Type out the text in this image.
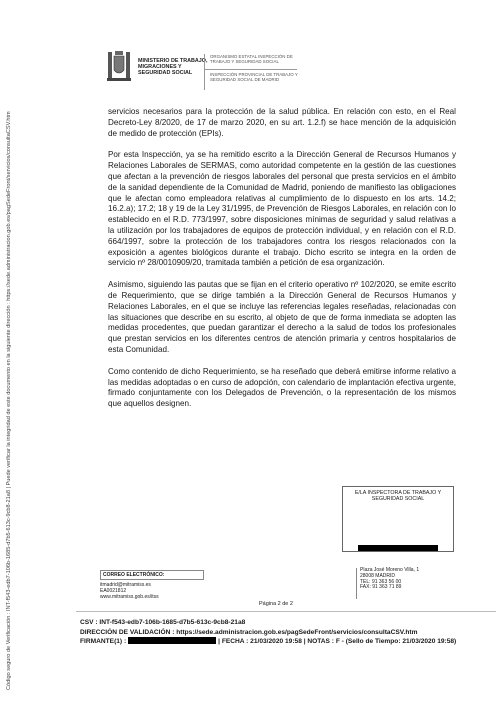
Código seguro de Verificación : INT-f543-edb7-106b-1685-d7b5-613c-9cb8-21a8 | Puede verificar la integridad de este documento en la siguiente dirección : https://sede.administracion.gob.es/pagSedeFront/servicios/consultaCSV.htm
MINISTERIO DE TRABAJO, MIGRACIONES Y SEGURIDAD SOCIAL
ORGANISMO ESTATAL INSPECCIÓN DE TRABAJO Y SEGURIDAD SOCIAL
INSPECCIÓN PROVINCIAL DE TRABAJO Y SEGURIDAD SOCIAL DE MADRID

servicios necesarios para la protección de la salud pública. En relación con esto, en el Real Decreto-Ley 8/2020, de 17 de marzo 2020, en su art. 1.2.f) se hace mención de la adquisición de medido de protección (EPIs).

Por esta Inspección, ya se ha remitido escrito a la Dirección General de Recursos Humanos y Relaciones Laborales de SERMAS, como autoridad competente en la gestión de las cuestiones que afectan a la prevención de riesgos laborales del personal que presta servicios en el ámbito de la sanidad dependiente de la Comunidad de Madrid, poniendo de manifiesto las obligaciones que le afectan como empleadora relativas al cumplimiento de lo dispuesto en los arts. 14.2; 16.2.a); 17.2; 18 y 19 de la Ley 31/1995, de Prevención de Riesgos Laborales, en relación con lo establecido en el R.D. 773/1997, sobre disposiciones mínimas de seguridad y salud relativas a la utilización por los trabajadores de equipos de protección individual, y en relación con el R.D. 664/1997, sobre la protección de los trabajadores contra los riesgos relacionados con la exposición a agentes biológicos durante el trabajo. Dicho escrito se integra en la orden de servicio nº 28/0010909/20, tramitada también a petición de esa organización.

Asimismo, siguiendo las pautas que se fijan en el criterio operativo nº 102/2020, se emite escrito de Requerimiento, que se dirige también a la Dirección General de Recursos Humanos y Relaciones Laborales, en el que se incluye las referencias legales reseñadas, relacionadas con las situaciones que describe en su escrito, al objeto de que de forma inmediata se adopten las medidas procedentes, que puedan garantizar el derecho a la salud de todos los profesionales que prestan servicios en los diferentes centros de atención primaria y centros hospitalarios de esta Comunidad.

Como contenido de dicho Requerimiento, se ha reseñado que deberá emitirse informe relativo a las medidas adoptadas o en curso de adopción, con calendario de implantación efectiva urgente, firmado conjuntamente con los Delegados de Prevención, o la representación de los mismos que aquellos designen.

E/LA INSPECTORA DE TRABAJO Y SEGURIDAD SOCIAL
CORREO ELECTRÓNICO:
itmadrid@mitramiss.es
EA0021812
www.mitramiss.gob.es/itss
Plaza José Moreno Villa, 1
28008 MADRID
TEL: 91 363 56 00
FAX: 91 363 71 89
Página 2 de 2
CSV : INT-f543-edb7-106b-1685-d7b5-613c-9cb8-21a8
DIRECCIÓN DE VALIDACIÓN : https://sede.administracion.gob.es/pagSedeFront/servicios/consultaCSV.htm
FIRMANTE(1) :	| FECHA : 21/03/2020 19:58 | NOTAS : F - (Sello de Tiempo: 21/03/2020 19:58)
